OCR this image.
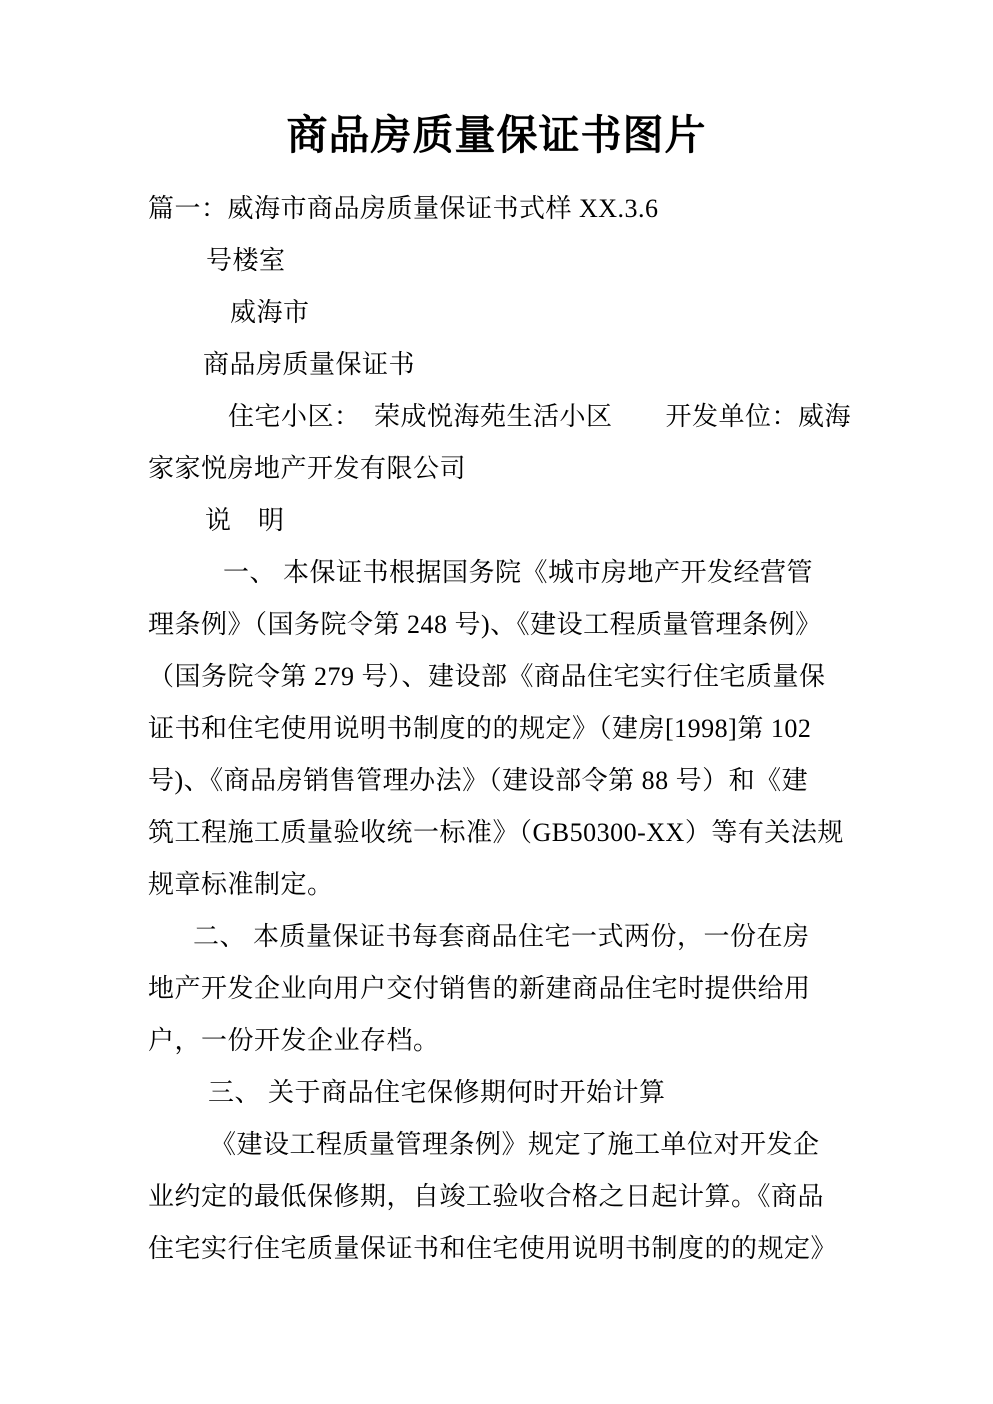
商品房质量保证书图片
篇一：威海市商品房质量保证书式样 XX.3.6
号楼室
威海市
商品房质量保证书
住宅小区：　荣成悦海苑生活小区　　开发单位：威海
家家悦房地产开发有限公司
说　明
一、 本保证书根据国务院《城市房地产开发经营管
理条例》（国务院令第 248 号)、《建设工程质量管理条例》
（国务院令第 279 号）、建设部《商品住宅实行住宅质量保
证书和住宅使用说明书制度的的规定》（建房[1998]第 102
号)、《商品房销售管理办法》（建设部令第 88 号）和《建
筑工程施工质量验收统一标准》（GB50300-XX）等有关法规
规章标准制定。
二、 本质量保证书每套商品住宅一式两份，一份在房
地产开发企业向用户交付销售的新建商品住宅时提供给用
户，一份开发企业存档。
三、 关于商品住宅保修期何时开始计算
《建设工程质量管理条例》规定了施工单位对开发企
业约定的最低保修期，自竣工验收合格之日起计算。《商品
住宅实行住宅质量保证书和住宅使用说明书制度的的规定》
